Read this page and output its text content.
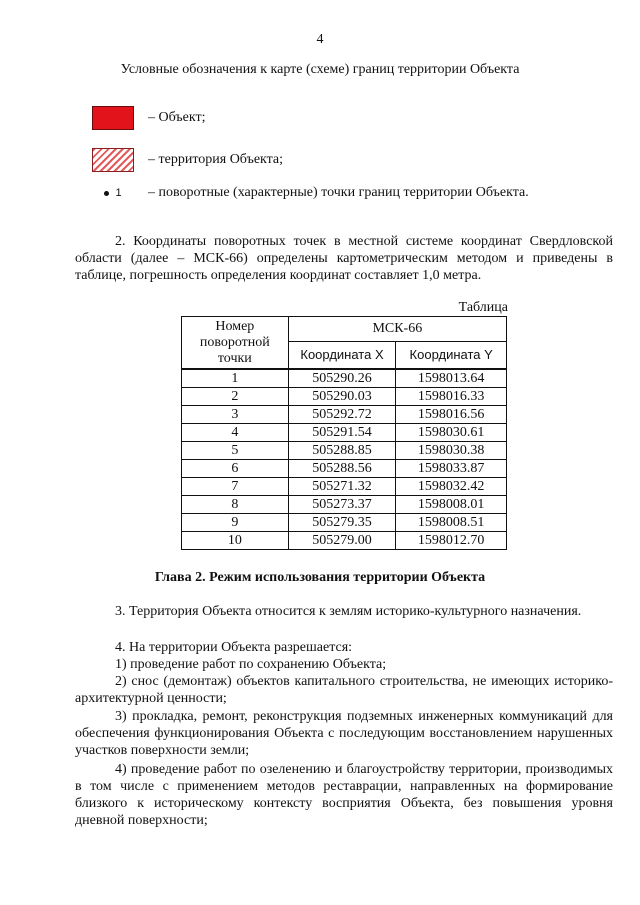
4
Условные обозначения к карте (схеме) границ территории Объекта
– Объект;
– территория Объекта;
1 – поворотные (характерные) точки границ территории Объекта.
2. Координаты поворотных точек в местной системе координат Свердловской области (далее – МСК-66) определены картометрическим методом и приведены в таблице, погрешность определения координат составляет 1,0 метра.
Таблица
Номер поворотной точки	МСК-66	
	Координата X	Координата Y
1	505290.26	1598013.64
2	505290.03	1598016.33
3	505292.72	1598016.56
4	505291.54	1598030.61
5	505288.85	1598030.38
6	505288.56	1598033.87
7	505271.32	1598032.42
8	505273.37	1598008.01
9	505279.35	1598008.51
10	505279.00	1598012.70
Глава 2. Режим использования территории Объекта
3. Территория Объекта относится к землям историко-культурного назначения.
4. На территории Объекта разрешается:
1) проведение работ по сохранению Объекта;
2) снос (демонтаж) объектов капитального строительства, не имеющих историко-архитектурной ценности;
3) прокладка, ремонт, реконструкция подземных инженерных коммуникаций для обеспечения функционирования Объекта с последующим восстановлением нарушенных участков поверхности земли;
4) проведение работ по озеленению и благоустройству территории, производимых в том числе с применением методов реставрации, направленных на формирование близкого к историческому контексту восприятия Объекта, без повышения уровня дневной поверхности;
